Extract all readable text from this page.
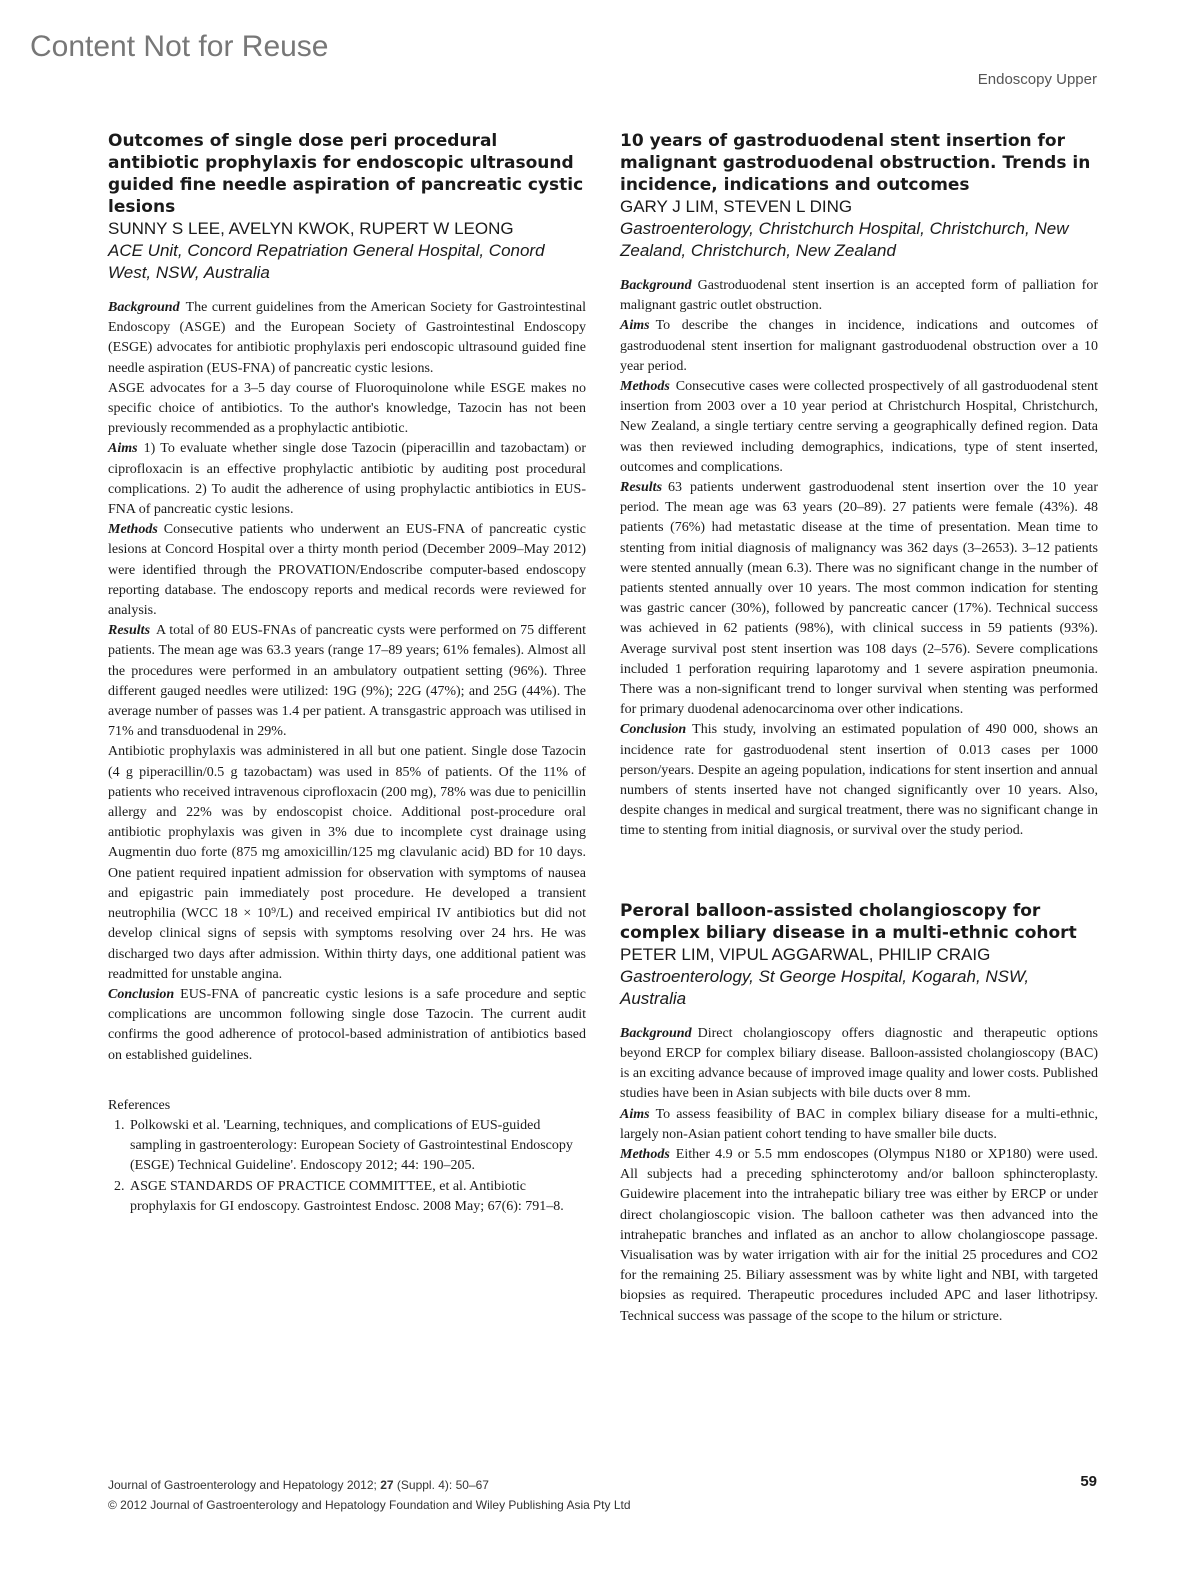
Content Not for Reuse
Endoscopy Upper
Outcomes of single dose peri procedural antibiotic prophylaxis for endoscopic ultrasound guided fine needle aspiration of pancreatic cystic lesions
SUNNY S LEE, AVELYN KWOK, RUPERT W LEONG
ACE Unit, Concord Repatriation General Hospital, Conord West, NSW, Australia

Background The current guidelines from the American Society for Gastrointestinal Endoscopy (ASGE) and the European Society of Gastrointestinal Endoscopy (ESGE) advocates for antibiotic prophylaxis peri endoscopic ultrasound guided fine needle aspiration (EUS-FNA) of pancreatic cystic lesions.

ASGE advocates for a 3–5 day course of Fluoroquinolone while ESGE makes no specific choice of antibiotics. To the author's knowledge, Tazocin has not been previously recommended as a prophylactic antibiotic.

Aims 1) To evaluate whether single dose Tazocin (piperacillin and tazobactam) or ciprofloxacin is an effective prophylactic antibiotic by auditing post procedural complications. 2) To audit the adherence of using prophylactic antibiotics in EUS-FNA of pancreatic cystic lesions.

Methods Consecutive patients who underwent an EUS-FNA of pancreatic cystic lesions at Concord Hospital over a thirty month period (December 2009–May 2012) were identified through the PROVATION/Endoscribe computer-based endoscopy reporting database. The endoscopy reports and medical records were reviewed for analysis.

Results A total of 80 EUS-FNAs of pancreatic cysts were performed on 75 different patients. The mean age was 63.3 years (range 17–89 years; 61% females). Almost all the procedures were performed in an ambulatory outpatient setting (96%). Three different gauged needles were utilized: 19G (9%); 22G (47%); and 25G (44%). The average number of passes was 1.4 per patient. A transgastric approach was utilised in 71% and transduodenal in 29%.

Antibiotic prophylaxis was administered in all but one patient. Single dose Tazocin (4 g piperacillin/0.5 g tazobactam) was used in 85% of patients. Of the 11% of patients who received intravenous ciprofloxacin (200 mg), 78% was due to penicillin allergy and 22% was by endoscopist choice. Additional post-procedure oral antibiotic prophylaxis was given in 3% due to incomplete cyst drainage using Augmentin duo forte (875 mg amoxicillin/125 mg clavulanic acid) BD for 10 days. One patient required inpatient admission for observation with symptoms of nausea and epigastric pain immediately post procedure. He developed a transient neutrophilia (WCC 18 × 10⁹/L) and received empirical IV antibiotics but did not develop clinical signs of sepsis with symptoms resolving over 24 hrs. He was discharged two days after admission. Within thirty days, one additional patient was readmitted for unstable angina.

Conclusion EUS-FNA of pancreatic cystic lesions is a safe procedure and septic complications are uncommon following single dose Tazocin. The current audit confirms the good adherence of protocol-based administration of antibiotics based on established guidelines.

References
1. Polkowski et al. 'Learning, techniques, and complications of EUS-guided sampling in gastroenterology: European Society of Gastrointestinal Endoscopy (ESGE) Technical Guideline'. Endoscopy 2012; 44: 190–205.
2. ASGE STANDARDS OF PRACTICE COMMITTEE, et al. Antibiotic prophylaxis for GI endoscopy. Gastrointest Endosc. 2008 May; 67(6): 791–8.
10 years of gastroduodenal stent insertion for malignant gastroduodenal obstruction. Trends in incidence, indications and outcomes
GARY J LIM, STEVEN L DING
Gastroenterology, Christchurch Hospital, Christchurch, New Zealand, Christchurch, New Zealand

Background Gastroduodenal stent insertion is an accepted form of palliation for malignant gastric outlet obstruction.

Aims To describe the changes in incidence, indications and outcomes of gastroduodenal stent insertion for malignant gastroduodenal obstruction over a 10 year period.

Methods Consecutive cases were collected prospectively of all gastroduodenal stent insertion from 2003 over a 10 year period at Christchurch Hospital, Christchurch, New Zealand, a single tertiary centre serving a geographically defined region. Data was then reviewed including demographics, indications, type of stent inserted, outcomes and complications.

Results 63 patients underwent gastroduodenal stent insertion over the 10 year period. The mean age was 63 years (20–89). 27 patients were female (43%). 48 patients (76%) had metastatic disease at the time of presentation. Mean time to stenting from initial diagnosis of malignancy was 362 days (3–2653). 3–12 patients were stented annually (mean 6.3). There was no significant change in the number of patients stented annually over 10 years. The most common indication for stenting was gastric cancer (30%), followed by pancreatic cancer (17%). Technical success was achieved in 62 patients (98%), with clinical success in 59 patients (93%). Average survival post stent insertion was 108 days (2–576). Severe complications included 1 perforation requiring laparotomy and 1 severe aspiration pneumonia. There was a non-significant trend to longer survival when stenting was performed for primary duodenal adenocarcinoma over other indications.

Conclusion This study, involving an estimated population of 490 000, shows an incidence rate for gastroduodenal stent insertion of 0.013 cases per 1000 person/years. Despite an ageing population, indications for stent insertion and annual numbers of stents inserted have not changed significantly over 10 years. Also, despite changes in medical and surgical treatment, there was no significant change in time to stenting from initial diagnosis, or survival over the study period.

Peroral balloon-assisted cholangioscopy for complex biliary disease in a multi-ethnic cohort
PETER LIM, VIPUL AGGARWAL, PHILIP CRAIG
Gastroenterology, St George Hospital, Kogarah, NSW, Australia

Background Direct cholangioscopy offers diagnostic and therapeutic options beyond ERCP for complex biliary disease. Balloon-assisted cholangioscopy (BAC) is an exciting advance because of improved image quality and lower costs. Published studies have been in Asian subjects with bile ducts over 8 mm.

Aims To assess feasibility of BAC in complex biliary disease for a multi-ethnic, largely non-Asian patient cohort tending to have smaller bile ducts.

Methods Either 4.9 or 5.5 mm endoscopes (Olympus N180 or XP180) were used. All subjects had a preceding sphincterotomy and/or balloon sphincteroplasty. Guidewire placement into the intrahepatic biliary tree was either by ERCP or under direct cholangioscopic vision. The balloon catheter was then advanced into the intrahepatic branches and inflated as an anchor to allow cholangioscope passage. Visualisation was by water irrigation with air for the initial 25 procedures and CO2 for the remaining 25. Biliary assessment was by white light and NBI, with targeted biopsies as required. Therapeutic procedures included APC and laser lithotripsy. Technical success was passage of the scope to the hilum or stricture.

Journal of Gastroenterology and Hepatology 2012; 27 (Suppl. 4): 50–67
© 2012 Journal of Gastroenterology and Hepatology Foundation and Wiley Publishing Asia Pty Ltd
59
